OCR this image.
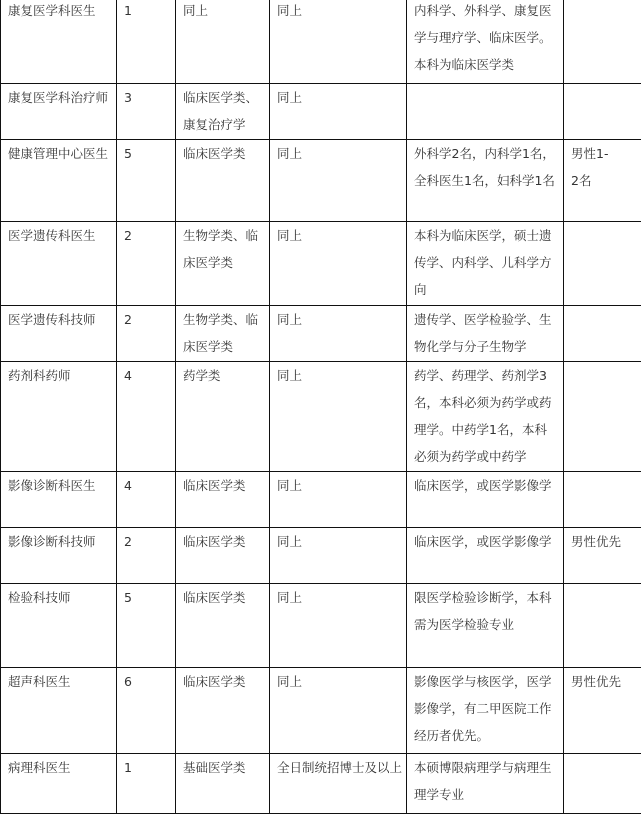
康复医学科医生	1	同上	同上	内科学、外科学、康复医学与理疗学、临床医学。本科为临床医学类	

康复医学科治疗师	3	临床医学类、康复治疗学	同上		

健康管理中心医生	5	临床医学类	同上	外科学2名，内科学1名，全科医生1名，妇科学1名	男性1-2名

医学遗传科医生	2	生物学类、临床医学类	同上	本科为临床医学，硕士遗传学、内科学、儿科学方向	

医学遗传科技师	2	生物学类、临床医学类	同上	遗传学、医学检验学、生物化学与分子生物学	

药剂科药师	4	药学类	同上	药学、药理学、药剂学3名，本科必须为药学或药理学。中药学1名，本科必须为药学或中药学	

影像诊断科医生	4	临床医学类	同上	临床医学，或医学影像学	

影像诊断科技师	2	临床医学类	同上	临床医学，或医学影像学	男性优先

检验科技师	5	临床医学类	同上	限医学检验诊断学，本科需为医学检验专业	

超声科医生	6	临床医学类	同上	影像医学与核医学，医学影像学，有二甲医院工作经历者优先。	男性优先

病理科医生	1	基础医学类	全日制统招博士及以上	本硕博限病理学与病理生理学专业	
